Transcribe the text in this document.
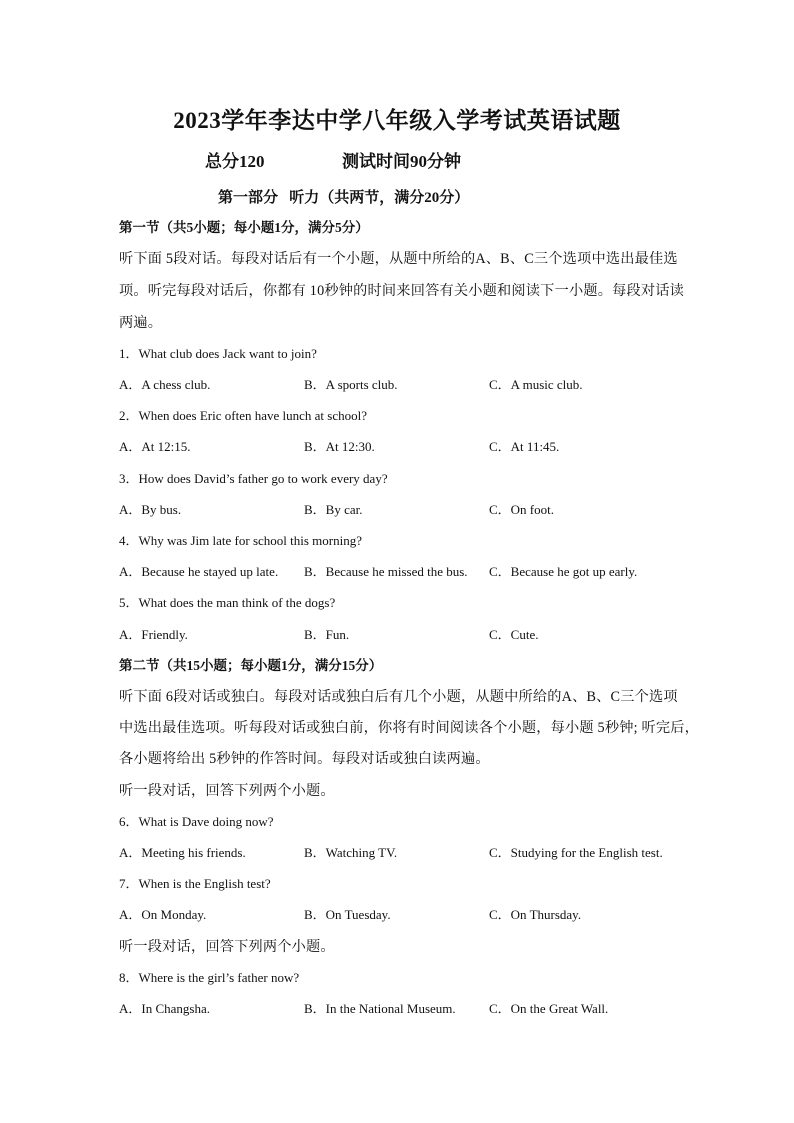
2023学年李达中学八年级入学考试英语试题
总分120	测试时间90分钟
第一部分   听力（共两节，满分20分）
第一节（共5小题；每小题1分，满分5分）
听下面 5段对话。每段对话后有一个小题，从题中所给的A、B、C三个选项中选出最佳选
项。听完每段对话后，你都有 10秒钟的时间来回答有关小题和阅读下一小题。每段对话读
两遍。
1．What club does Jack want to join?
A．A chess club.	B．A sports club.	C．A music club.
2．When does Eric often have lunch at school?
A．At 12:15.	B．At 12:30.	C．At 11:45.
3．How does David’s father go to work every day?
A．By bus.	B．By car.	C．On foot.
4．Why was Jim late for school this morning?
A．Because he stayed up late. B．Because he missed the bus. C．Because he got up early.
5．What does the man think of the dogs?
A．Friendly.	B．Fun.	C．Cute.
第二节（共15小题；每小题1分，满分15分）
听下面 6段对话或独白。每段对话或独白后有几个小题，从题中所给的A、B、C三个选项
中选出最佳选项。听每段对话或独白前，你将有时间阅读各个小题，每小题 5秒钟; 听完后，
各小题将给出 5秒钟的作答时间。每段对话或独白读两遍。
听一段对话，回答下列两个小题。
6．What is Dave doing now?
A．Meeting his friends.	B．Watching TV.	C．Studying for the English test.
7．When is the English test?
A．On Monday.	B．On Tuesday.	C．On Thursday.
听一段对话，回答下列两个小题。
8．Where is the girl’s father now?
A．In Changsha.	B．In the National Museum.	C．On the Great Wall.
